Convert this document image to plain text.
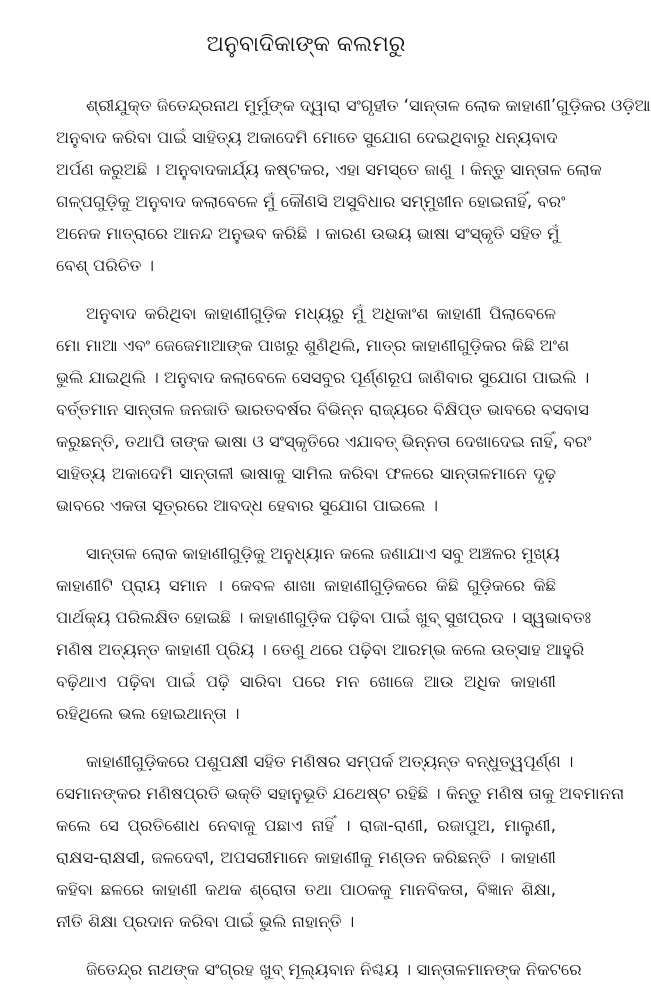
ଅନୁବାଦିକାଙ୍କ କଲମରୁ
ଶ୍ରୀଯୁକ୍ତ ଜିତେନ୍ଦ୍ରନାଥ ମୁର୍ମୁଙ୍କ ଦ୍ୱାରା ସଂଗୃହୀତ ‘ସାନ୍ତାଳ ଲୋକ କାହାଣୀ’ଗୁଡ଼ିକର ଓଡ଼ିଆ
ଅନୁବାଦ କରିବା ପାଇଁ ସାହିତ୍ୟ ଅକାଦେମି ମୋତେ ସୁଯୋଗ ଦେଇଥିବାରୁ ଧନ୍ୟବାଦ
ଅର୍ପଣ କରୁଅଛି । ଅନୁବାଦକାର୍ଯ୍ୟ କଷ୍ଟକର, ଏହା ସମସ୍ତେ ଜାଣୁ । କିନ୍ତୁ ସାନ୍ତାଳ ଲୋକ
ଗଳ୍ପଗୁଡ଼ିକୁ ଅନୁବାଦ କଲାବେଳେ ମୁଁ କୌଣସି ଅସୁବିଧାର ସମ୍ମୁଖୀନ ହୋଇନାହିଁ, ବରଂ
ଅନେକ ମାତ୍ରାରେ ଆନନ୍ଦ ଅନୁଭବ କରିଛି । କାରଣ ଉଭୟ ଭାଷା ସଂସ୍କୃତି ସହିତ ମୁଁ
ବେଶ୍ ପରିଚିତ ।
ଅନୁବାଦ କରିଥିବା କାହାଣୀଗୁଡ଼ିକ ମଧ୍ୟରୁ ମୁଁ ଅଧିକାଂଶ କାହାଣୀ ପିଲାବେଳେ
ମୋ ମାଆ ଏବଂ ଜେଜେମାଆଙ୍କ ପାଖରୁ ଶୁଣିଥିଲି, ମାତ୍ର କାହାଣୀଗୁଡ଼ିକର କିଛି ଅଂଶ
ଭୁଲି ଯାଇଥିଲି । ଅନୁବାଦ କଲାବେଳେ ସେସବୁର ପୂର୍ଣ୍ଣରୂପ ଜାଣିବାର ସୁଯୋଗ ପାଇଲି ।
ବର୍ତ୍ତମାନ ସାନ୍ତାଳ ଜନଜାତି ଭାରତବର୍ଷର ବିଭିନ୍ନ ରାଜ୍ୟରେ ବିକ୍ଷିପ୍ତ ଭାବରେ ବସବାସ
କରୁଛନ୍ତି, ତଥାପି ତାଙ୍କ ଭାଷା ଓ ସଂସ୍କୃତିରେ ଏଯାବତ୍ ଭିନ୍ନତା ଦେଖାଦେଇ ନାହିଁ, ବରଂ
ସାହିତ୍ୟ ଅକାଦେମି ସାନ୍ତାଳୀ ଭାଷାକୁ ସାମିଲ କରିବା ଫଳରେ ସାନ୍ତାଳମାନେ ଦୃଢ଼
ଭାବରେ ଏକତା ସୂତ୍ରରେ ଆବଦ୍ଧ ହେବାର ସୁଯୋଗ ପାଇଲେ ।
ସାନ୍ତାଳ ଲୋକ କାହାଣୀଗୁଡ଼ିକୁ ଅନୁଧ୍ୟାନ କଲେ ଜଣାଯାଏ ସବୁ ଅଞ୍ଚଳର ମୁଖ୍ୟ
କାହାଣୀଟି ପ୍ରାୟ ସମାନ । କେବଳ ଶାଖା କାହାଣୀଗୁଡ଼ିକରେ କିଛି ଗୁଡ଼ିକରେ କିଛି
ପାର୍ଥକ୍ୟ ପରିଲକ୍ଷିତ ହୋଇଛି । କାହାଣୀଗୁଡ଼ିକ ପଢ଼ିବା ପାଇଁ ଖୁବ୍ ସୁଖପ୍ରଦ । ସ୍ୱଭାବତଃ
ମଣିଷ ଅତ୍ୟନ୍ତ କାହାଣୀ ପ୍ରିୟ । ତେଣୁ ଥରେ ପଢ଼ିବା ଆରମ୍ଭ କଲେ ଉତ୍ସାହ ଆହୁରି
ବଢ଼ିଥାଏ ପଢ଼ିବା ପାଇଁ ପଢ଼ି ସାରିବା ପରେ ମନ ଖୋଜେ ଆଉ ଅଧିକ କାହାଣୀ
ରହିଥିଲେ ଭଲ ହୋଇଥାନ୍ତା ।
କାହାଣୀଗୁଡ଼ିକରେ ପଶୁପକ୍ଷୀ ସହିତ ମଣିଷର ସମ୍ପର୍କ ଅତ୍ୟନ୍ତ ବନ୍ଧୁତ୍ୱପୂର୍ଣ୍ଣ ।
ସେମାନଙ୍କର ମଣିଷପ୍ରତି ଭକ୍ତି ସହାନୁଭୂତି ଯଥେଷ୍ଟ ରହିଛି । କିନ୍ତୁ ମଣିଷ ତାକୁ ଅବମାନନା
କଲେ ସେ ପ୍ରତିଶୋଧ ନେବାକୁ ପଛାଏ ନାହିଁ । ରାଜା-ରାଣୀ, ରଜାପୁଅ, ମାଲୁଣୀ,
ରାକ୍ଷସ-ରାକ୍ଷସୀ, ଜଳଦେବୀ, ଅପସରୀମାନେ କାହାଣୀକୁ ମଣ୍ଡନ କରିଛନ୍ତି । କାହାଣୀ
କହିବା ଛଳରେ କାହାଣୀ କଥକ ଶ୍ରୋତା ତଥା ପାଠକକୁ ମାନବିକତା, ବିଜ୍ଞାନ ଶିକ୍ଷା,
ନୀତି ଶିକ୍ଷା ପ୍ରଦାନ କରିବା ପାଇଁ ଭୁଲି ନାହାନ୍ତି ।
ଜିତେନ୍ଦ୍ର ନାଥଙ୍କ ସଂଗ୍ରହ ଖୁବ୍ ମୂଲ୍ୟବାନ ନିଶ୍ଚୟ । ସାନ୍ତାଳମାନଙ୍କ ନିକଟରେ
